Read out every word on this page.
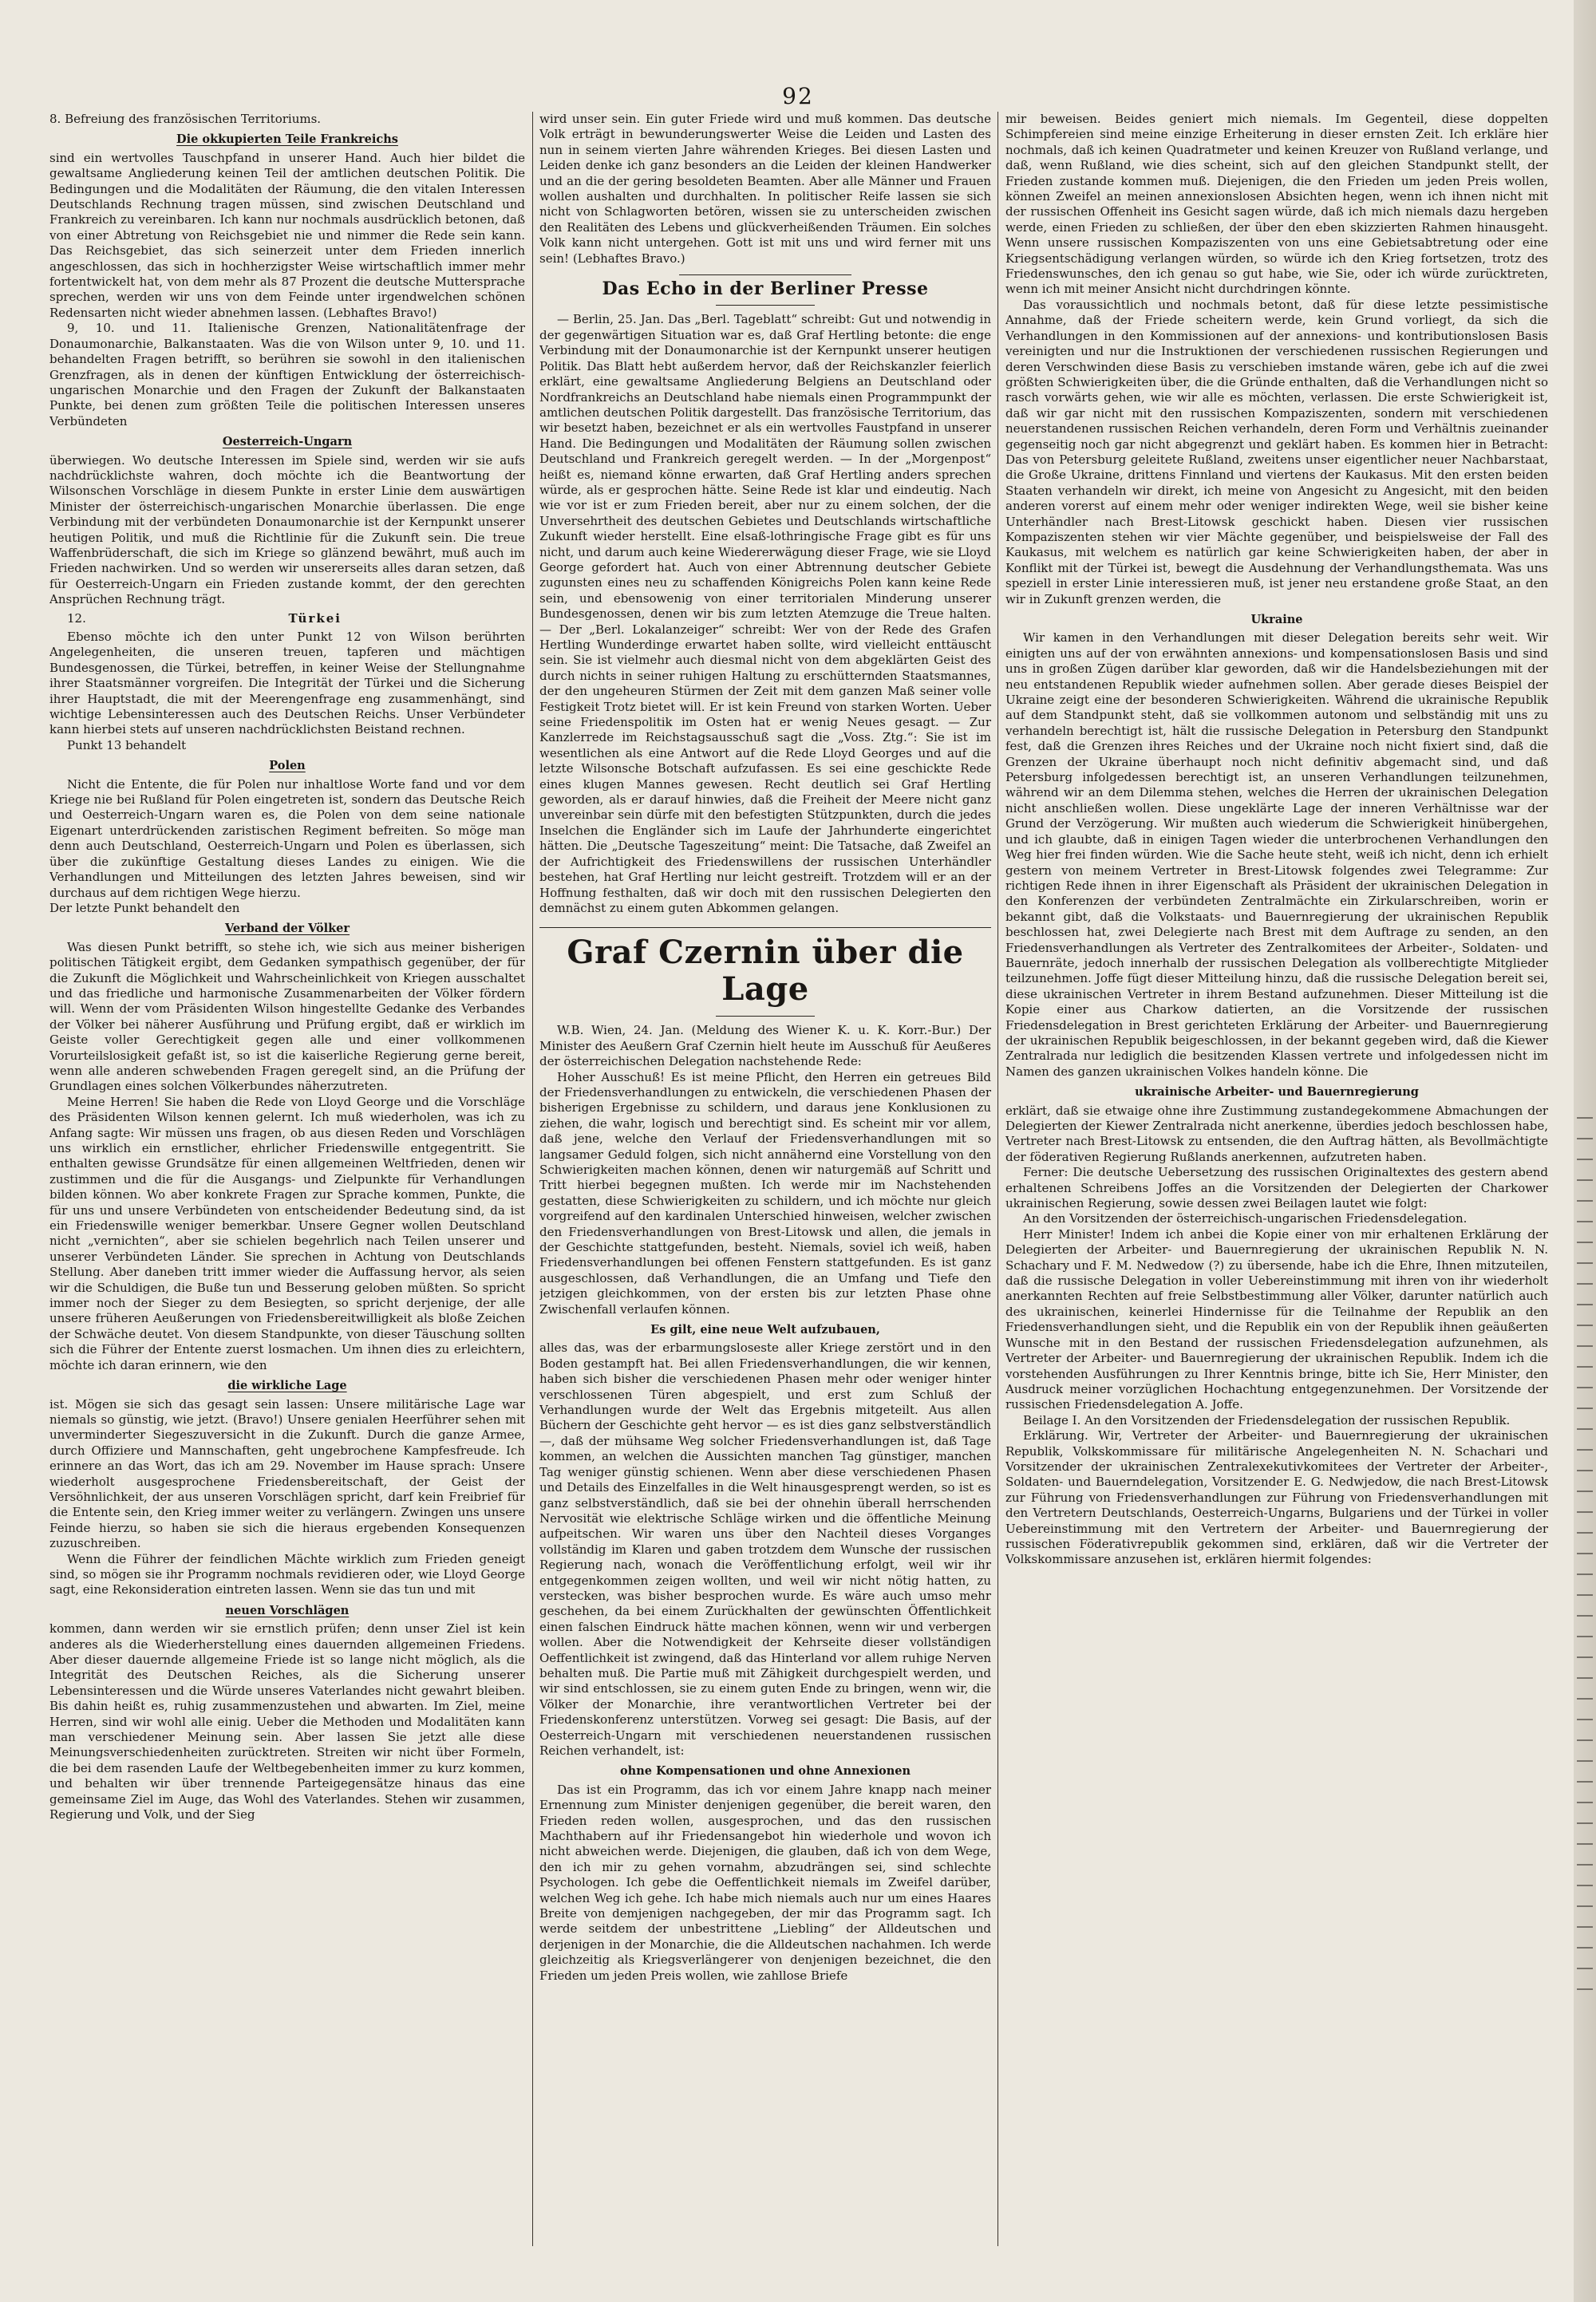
92

8. Befreiung des französischen Territoriums.

Die okkupierten Teile Frankreichs

sind ein wertvolles Tauschpfand in unserer Hand. Auch hier bildet die gewaltsame Angliederung keinen Teil der amtlichen deutschen Politik. Die Bedingungen und die Modalitäten der Räumung, die den vitalen Interessen Deutschlands Rechnung tragen müssen, sind zwischen Deutschland und Frankreich zu vereinbaren. Ich kann nur nochmals ausdrücklich betonen, daß von einer Abtretung von Reichsgebiet nie und nimmer die Rede sein kann. Das Reichsgebiet, das sich seinerzeit unter dem Frieden innerlich angeschlossen, das sich in hochherzigster Weise wirtschaftlich immer mehr fortentwickelt hat, von dem mehr als 87 Prozent die deutsche Muttersprache sprechen, werden wir uns von dem Feinde unter irgendwelchen schönen Redensarten nicht wieder abnehmen lassen. (Lebhaftes Bravo!)

9, 10. und 11. Italienische Grenzen, Nationalitätenfrage der Donaumonarchie, Balkanstaaten. Was die von Wilson unter 9, 10. und 11. behandelten Fragen betrifft, so berühren sie sowohl in den italienischen Grenzfragen, als in denen der künftigen Entwicklung der österreichisch-ungarischen Monarchie und den Fragen der Zukunft der Balkanstaaten Punkte, bei denen zum größten Teile die politischen Interessen unseres Verbündeten

Oesterreich-Ungarn

überwiegen. Wo deutsche Interessen im Spiele sind, werden wir sie aufs nachdrücklichste wahren, doch möchte ich die Beantwortung der Wilsonschen Vorschläge in diesem Punkte in erster Linie dem auswärtigen Minister der österreichisch-ungarischen Monarchie überlassen. Die enge Verbindung mit der verbündeten Donaumonarchie ist der Kernpunkt unserer heutigen Politik, und muß die Richtlinie für die Zukunft sein. Die treue Waffenbrüderschaft, die sich im Kriege so glänzend bewährt, muß auch im Frieden nachwirken. Und so werden wir unsererseits alles daran setzen, daß für Oesterreich-Ungarn ein Frieden zustande kommt, der den gerechten Ansprüchen Rechnung trägt.

12.	Türkei

Ebenso möchte ich den unter Punkt 12 von Wilson berührten Angelegenheiten, die unseren treuen, tapferen und mächtigen Bundesgenossen, die Türkei, betreffen, in keiner Weise der Stellungnahme ihrer Staatsmänner vorgreifen. Die Integrität der Türkei und die Sicherung ihrer Hauptstadt, die mit der Meerengenfrage eng zusammenhängt, sind wichtige Lebensinteressen auch des Deutschen Reichs. Unser Verbündeter kann hierbei stets auf unseren nachdrücklichsten Beistand rechnen.

Punkt 13 behandelt

Polen

Nicht die Entente, die für Polen nur inhaltlose Worte fand und vor dem Kriege nie bei Rußland für Polen eingetreten ist, sondern das Deutsche Reich und Oesterreich-Ungarn waren es, die Polen von dem seine nationale Eigenart unterdrückenden zaristischen Regiment befreiten. So möge man denn auch Deutschland, Oesterreich-Ungarn und Polen es überlassen, sich über die zukünftige Gestaltung dieses Landes zu einigen. Wie die Verhandlungen und Mitteilungen des letzten Jahres beweisen, sind wir durchaus auf dem richtigen Wege hierzu.

Der letzte Punkt behandelt den

Verband der Völker

Was diesen Punkt betrifft, so stehe ich, wie sich aus meiner bisherigen politischen Tätigkeit ergibt, dem Gedanken sympathisch gegenüber, der für die Zukunft die Möglichkeit und Wahrscheinlichkeit von Kriegen ausschaltet und das friedliche und harmonische Zusammenarbeiten der Völker fördern will. Wenn der vom Präsidenten Wilson hingestellte Gedanke des Verbandes der Völker bei näherer Ausführung und Prüfung ergibt, daß er wirklich im Geiste voller Gerechtigkeit gegen alle und einer vollkommenen Vorurteilslosigkeit gefaßt ist, so ist die kaiserliche Regierung gerne bereit, wenn alle anderen schwebenden Fragen geregelt sind, an die Prüfung der Grundlagen eines solchen Völkerbundes näherzutreten.

Meine Herren! Sie haben die Rede von Lloyd George und die Vorschläge des Präsidenten Wilson kennen gelernt. Ich muß wiederholen, was ich zu Anfang sagte: Wir müssen uns fragen, ob aus diesen Reden und Vorschlägen uns wirklich ein ernstlicher, ehrlicher Friedenswille entgegentritt. Sie enthalten gewisse Grundsätze für einen allgemeinen Weltfrieden, denen wir zustimmen und die für die Ausgangs- und Zielpunkte für Verhandlungen bilden können. Wo aber konkrete Fragen zur Sprache kommen, Punkte, die für uns und unsere Verbündeten von entscheidender Bedeutung sind, da ist ein Friedenswille weniger bemerkbar. Unsere Gegner wollen Deutschland nicht „vernichten“, aber sie schielen begehrlich nach Teilen unserer und unserer Verbündeten Länder. Sie sprechen in Achtung von Deutschlands Stellung. Aber daneben tritt immer wieder die Auffassung hervor, als seien wir die Schuldigen, die Buße tun und Besserung geloben müßten. So spricht immer noch der Sieger zu dem Besiegten, so spricht derjenige, der alle unsere früheren Aeußerungen von Friedensbereitwilligkeit als bloße Zeichen der Schwäche deutet. Von diesem Standpunkte, von dieser Täuschung sollten sich die Führer der Entente zuerst losmachen. Um ihnen dies zu erleichtern, möchte ich daran erinnern, wie den

die wirkliche Lage

ist. Mögen sie sich das gesagt sein lassen: Unsere militärische Lage war niemals so günstig, wie jetzt. (Bravo!) Unsere genialen Heerführer sehen mit unverminderter Siegeszuversicht in die Zukunft. Durch die ganze Armee, durch Offiziere und Mannschaften, geht ungebrochene Kampfesfreude. Ich erinnere an das Wort, das ich am 29. November im Hause sprach: Unsere wiederholt ausgesprochene Friedensbereitschaft, der Geist der Versöhnlichkeit, der aus unseren Vorschlägen spricht, darf kein Freibrief für die Entente sein, den Krieg immer weiter zu verlängern. Zwingen uns unsere Feinde hierzu, so haben sie sich die hieraus ergebenden Konsequenzen zuzuschreiben.

Wenn die Führer der feindlichen Mächte wirklich zum Frieden geneigt sind, so mögen sie ihr Programm nochmals revidieren oder, wie Lloyd George sagt, eine Rekonsideration eintreten lassen. Wenn sie das tun und mit

neuen Vorschlägen

kommen, dann werden wir sie ernstlich prüfen; denn unser Ziel ist kein anderes als die Wiederherstellung eines dauernden allgemeinen Friedens. Aber dieser dauernde allgemeine Friede ist so lange nicht möglich, als die Integrität des Deutschen Reiches, als die Sicherung unserer Lebensinteressen und die Würde unseres Vaterlandes nicht gewahrt bleiben. Bis dahin heißt es, ruhig zusammenzustehen und abwarten. Im Ziel, meine Herren, sind wir wohl alle einig. Ueber die Methoden und Modalitäten kann man verschiedener Meinung sein. Aber lassen Sie jetzt alle diese Meinungsverschiedenheiten zurücktreten. Streiten wir nicht über Formeln, die bei dem rasenden Laufe der Weltbegebenheiten immer zu kurz kommen, und behalten wir über trennende Parteigegensätze hinaus das eine gemeinsame Ziel im Auge, das Wohl des Vaterlandes. Stehen wir zusammen, Regierung und Volk, und der Sieg

wird unser sein. Ein guter Friede wird und muß kommen. Das deutsche Volk erträgt in bewunderungswerter Weise die Leiden und Lasten des nun in seinem vierten Jahre währenden Krieges. Bei diesen Lasten und Leiden denke ich ganz besonders an die Leiden der kleinen Handwerker und an die der gering besoldeten Beamten. Aber alle Männer und Frauen wollen aushalten und durchhalten. In politischer Reife lassen sie sich nicht von Schlagworten betören, wissen sie zu unterscheiden zwischen den Realitäten des Lebens und glückverheißenden Träumen. Ein solches Volk kann nicht untergehen. Gott ist mit uns und wird ferner mit uns sein! (Lebhaftes Bravo.)

Das Echo in der Berliner Presse

— Berlin, 25. Jan. Das „Berl. Tageblatt“ schreibt: Gut und notwendig in der gegenwärtigen Situation war es, daß Graf Hertling betonte: die enge Verbindung mit der Donaumonarchie ist der Kernpunkt unserer heutigen Politik. Das Blatt hebt außerdem hervor, daß der Reichskanzler feierlich erklärt, eine gewaltsame Angliederung Belgiens an Deutschland oder Nordfrankreichs an Deutschland habe niemals einen Programmpunkt der amtlichen deutschen Politik dargestellt. Das französische Territorium, das wir besetzt haben, bezeichnet er als ein wertvolles Faustpfand in unserer Hand. Die Bedingungen und Modalitäten der Räumung sollen zwischen Deutschland und Frankreich geregelt werden. — In der „Morgenpost“ heißt es, niemand könne erwarten, daß Graf Hertling anders sprechen würde, als er gesprochen hätte. Seine Rede ist klar und eindeutig. Nach wie vor ist er zum Frieden bereit, aber nur zu einem solchen, der die Unversehrtheit des deutschen Gebietes und Deutschlands wirtschaftliche Zukunft wieder herstellt. Eine elsaß-lothringische Frage gibt es für uns nicht, und darum auch keine Wiedererwägung dieser Frage, wie sie Lloyd George gefordert hat. Auch von einer Abtrennung deutscher Gebiete zugunsten eines neu zu schaffenden Königreichs Polen kann keine Rede sein, und ebensowenig von einer territorialen Minderung unserer Bundesgenossen, denen wir bis zum letzten Atemzuge die Treue halten. — Der „Berl. Lokalanzeiger“ schreibt: Wer von der Rede des Grafen Hertling Wunderdinge erwartet haben sollte, wird vielleicht enttäuscht sein. Sie ist vielmehr auch diesmal nicht von dem abgeklärten Geist des durch nichts in seiner ruhigen Haltung zu erschütternden Staatsmannes, der den ungeheuren Stürmen der Zeit mit dem ganzen Maß seiner volle Festigkeit Trotz bietet will. Er ist kein Freund von starken Worten. Ueber seine Friedenspolitik im Osten hat er wenig Neues gesagt. — Zur Kanzlerrede im Reichstagsausschuß sagt die „Voss. Ztg.“: Sie ist im wesentlichen als eine Antwort auf die Rede Lloyd Georges und auf die letzte Wilsonsche Botschaft aufzufassen. Es sei eine geschickte Rede eines klugen Mannes gewesen. Recht deutlich sei Graf Hertling geworden, als er darauf hinwies, daß die Freiheit der Meere nicht ganz unvereinbar sein dürfe mit den befestigten Stützpunkten, durch die jedes Inselchen die Engländer sich im Laufe der Jahrhunderte eingerichtet hätten. Die „Deutsche Tageszeitung“ meint: Die Tatsache, daß Zweifel an der Aufrichtigkeit des Friedenswillens der russischen Unterhändler bestehen, hat Graf Hertling nur leicht gestreift. Trotzdem will er an der Hoffnung festhalten, daß wir doch mit den russischen Delegierten den demnächst zu einem guten Abkommen gelangen.

Graf Czernin über die Lage

W.B. Wien, 24. Jan. (Meldung des Wiener K. u. K. Korr.-Bur.) Der Minister des Aeußern Graf Czernin hielt heute im Ausschuß für Aeußeres der österreichischen Delegation nachstehende Rede:

Hoher Ausschuß! Es ist meine Pflicht, den Herren ein getreues Bild der Friedensverhandlungen zu entwickeln, die verschiedenen Phasen der bisherigen Ergebnisse zu schildern, und daraus jene Konklusionen zu ziehen, die wahr, logisch und berechtigt sind. Es scheint mir vor allem, daß jene, welche den Verlauf der Friedensverhandlungen mit so langsamer Geduld folgen, sich nicht annähernd eine Vorstellung von den Schwierigkeiten machen können, denen wir naturgemäß auf Schritt und Tritt hierbei begegnen mußten. Ich werde mir im Nachstehenden gestatten, diese Schwierigkeiten zu schildern, und ich möchte nur gleich vorgreifend auf den kardinalen Unterschied hinweisen, welcher zwischen den Friedensverhandlungen von Brest-Litowsk und allen, die jemals in der Geschichte stattgefunden, besteht. Niemals, soviel ich weiß, haben Friedensverhandlungen bei offenen Fenstern stattgefunden. Es ist ganz ausgeschlossen, daß Verhandlungen, die an Umfang und Tiefe den jetzigen gleichkommen, von der ersten bis zur letzten Phase ohne Zwischenfall verlaufen können.

Es gilt, eine neue Welt aufzubauen,

alles das, was der erbarmungsloseste aller Kriege zerstört und in den Boden gestampft hat. Bei allen Friedensverhandlungen, die wir kennen, haben sich bisher die verschiedenen Phasen mehr oder weniger hinter verschlossenen Türen abgespielt, und erst zum Schluß der Verhandlungen wurde der Welt das Ergebnis mitgeteilt. Aus allen Büchern der Geschichte geht hervor — es ist dies ganz selbstverständlich —, daß der mühsame Weg solcher Friedensverhandlungen ist, daß Tage kommen, an welchen die Aussichten manchen Tag günstiger, manchen Tag weniger günstig schienen. Wenn aber diese verschiedenen Phasen und Details des Einzelfalles in die Welt hinausgesprengt werden, so ist es ganz selbstverständlich, daß sie bei der ohnehin überall herrschenden Nervosität wie elektrische Schläge wirken und die öffentliche Meinung aufpeitschen. Wir waren uns über den Nachteil dieses Vorganges vollständig im Klaren und gaben trotzdem dem Wunsche der russischen Regierung nach, wonach die Veröffentlichung erfolgt, weil wir ihr entgegenkommen zeigen wollten, und weil wir nicht nötig hatten, zu verstecken, was bisher besprochen wurde. Es wäre auch umso mehr geschehen, da bei einem Zurückhalten der gewünschten Öffentlichkeit einen falschen Eindruck hätte machen können, wenn wir und verbergen wollen. Aber die Notwendigkeit der Kehrseite dieser vollständigen Oeffentlichkeit ist zwingend, daß das Hinterland vor allem ruhige Nerven behalten muß. Die Partie muß mit Zähigkeit durchgespielt werden, und wir sind entschlossen, sie zu einem guten Ende zu bringen, wenn wir, die Völker der Monarchie, ihre verantwortlichen Vertreter bei der Friedenskonferenz unterstützen. Vorweg sei gesagt: Die Basis, auf der Oesterreich-Ungarn mit verschiedenen neuerstandenen russischen Reichen verhandelt, ist:

ohne Kompensationen und ohne Annexionen

Das ist ein Programm, das ich vor einem Jahre knapp nach meiner Ernennung zum Minister denjenigen gegenüber, die bereit waren, den Frieden reden wollen, ausgesprochen, und das den russischen Machthabern auf ihr Friedensangebot hin wiederhole und wovon ich nicht abweichen werde. Diejenigen, die glauben, daß ich von dem Wege, den ich mir zu gehen vornahm, abzudrängen sei, sind schlechte Psychologen. Ich gebe die Oeffentlichkeit niemals im Zweifel darüber, welchen Weg ich gehe. Ich habe mich niemals auch nur um eines Haares Breite von demjenigen nachgegeben, der mir das Programm sagt. Ich werde seitdem der unbestrittene „Liebling“ der Alldeutschen und derjenigen in der Monarchie, die die Alldeutschen nachahmen. Ich werde gleichzeitig als Kriegsverlängerer von denjenigen bezeichnet, die den Frieden um jeden Preis wollen, wie zahllose Briefe

mir beweisen. Beides geniert mich niemals. Im Gegenteil, diese doppelten Schimpfereien sind meine einzige Erheiterung in dieser ernsten Zeit. Ich erkläre hier nochmals, daß ich keinen Quadratmeter und keinen Kreuzer von Rußland verlange, und daß, wenn Rußland, wie dies scheint, sich auf den gleichen Standpunkt stellt, der Frieden zustande kommen muß. Diejenigen, die den Frieden um jeden Preis wollen, können Zweifel an meinen annexionslosen Absichten hegen, wenn ich ihnen nicht mit der russischen Offenheit ins Gesicht sagen würde, daß ich mich niemals dazu hergeben werde, einen Frieden zu schließen, der über den eben skizzierten Rahmen hinausgeht. Wenn unsere russischen Kompaziszenten von uns eine Gebietsabtretung oder eine Kriegsentschädigung verlangen würden, so würde ich den Krieg fortsetzen, trotz des Friedenswunsches, den ich genau so gut habe, wie Sie, oder ich würde zurücktreten, wenn ich mit meiner Ansicht nicht durchdringen könnte.

Das voraussichtlich und nochmals betont, daß für diese letzte pessimistische Annahme, daß der Friede scheitern werde, kein Grund vorliegt, da sich die Verhandlungen in den Kommissionen auf der annexions- und kontributionslosen Basis vereinigten und nur die Instruktionen der verschiedenen russischen Regierungen und deren Verschwinden diese Basis zu verschieben imstande wären, gebe ich auf die zwei größten Schwierigkeiten über, die die Gründe enthalten, daß die Verhandlungen nicht so rasch vorwärts gehen, wie wir alle es möchten, verlassen. Die erste Schwierigkeit ist, daß wir gar nicht mit den russischen Kompaziszenten, sondern mit verschiedenen neuerstandenen russischen Reichen verhandeln, deren Form und Verhältnis zueinander gegenseitig noch gar nicht abgegrenzt und geklärt haben. Es kommen hier in Betracht: Das von Petersburg geleitete Rußland, zweitens unser eigentlicher neuer Nachbarstaat, die Große Ukraine, drittens Finnland und viertens der Kaukasus. Mit den ersten beiden Staaten verhandeln wir direkt, ich meine von Angesicht zu Angesicht, mit den beiden anderen vorerst auf einem mehr oder weniger indirekten Wege, weil sie bisher keine Unterhändler nach Brest-Litowsk geschickt haben. Diesen vier russischen Kompaziszenten stehen wir vier Mächte gegenüber, und beispielsweise der Fall des Kaukasus, mit welchem es natürlich gar keine Schwierigkeiten haben, der aber in Konflikt mit der Türkei ist, bewegt die Ausdehnung der Verhandlungsthemata. Was uns speziell in erster Linie interessieren muß, ist jener neu erstandene große Staat, an den wir in Zukunft grenzen werden, die

Ukraine

Wir kamen in den Verhandlungen mit dieser Delegation bereits sehr weit. Wir einigten uns auf der von erwähnten annexions- und kompensationslosen Basis und sind uns in großen Zügen darüber klar geworden, daß wir die Handelsbeziehungen mit der neu entstandenen Republik wieder aufnehmen sollen. Aber gerade dieses Beispiel der Ukraine zeigt eine der besonderen Schwierigkeiten. Während die ukrainische Republik auf dem Standpunkt steht, daß sie vollkommen autonom und selbständig mit uns zu verhandeln berechtigt ist, hält die russische Delegation in Petersburg den Standpunkt fest, daß die Grenzen ihres Reiches und der Ukraine noch nicht fixiert sind, daß die Grenzen der Ukraine überhaupt noch nicht definitiv abgemacht sind, und daß Petersburg infolgedessen berechtigt ist, an unseren Verhandlungen teilzunehmen, während wir an dem Dilemma stehen, welches die Herren der ukrainischen Delegation nicht anschließen wollen. Diese ungeklärte Lage der inneren Verhältnisse war der Grund der Verzögerung. Wir mußten auch wiederum die Schwierigkeit hinübergehen, und ich glaubte, daß in einigen Tagen wieder die unterbrochenen Verhandlungen den Weg hier frei finden würden. Wie die Sache heute steht, weiß ich nicht, denn ich erhielt gestern von meinem Vertreter in Brest-Litowsk folgendes zwei Telegramme: Zur richtigen Rede ihnen in ihrer Eigenschaft als Präsident der ukrainischen Delegation in den Konferenzen der verbündeten Zentralmächte ein Zirkularschreiben, worin er bekannt gibt, daß die Volkstaats- und Bauernregierung der ukrainischen Republik beschlossen hat, zwei Delegierte nach Brest mit dem Auftrage zu senden, an den Friedensverhandlungen als Vertreter des Zentralkomitees der Arbeiter-, Soldaten- und Bauernräte, jedoch innerhalb der russischen Delegation als vollberechtigte Mitglieder teilzunehmen. Joffe fügt dieser Mitteilung hinzu, daß die russische Delegation bereit sei, diese ukrainischen Vertreter in ihrem Bestand aufzunehmen. Dieser Mitteilung ist die Kopie einer aus Charkow datierten, an die Vorsitzende der russischen Friedensdelegation in Brest gerichteten Erklärung der Arbeiter- und Bauernregierung der ukrainischen Republik beigeschlossen, in der bekannt gegeben wird, daß die Kiewer Zentralrada nur lediglich die besitzenden Klassen vertrete und infolgedessen nicht im Namen des ganzen ukrainischen Volkes handeln könne. Die

ukrainische Arbeiter- und Bauernregierung

erklärt, daß sie etwaige ohne ihre Zustimmung zustandegekommene Abmachungen der Delegierten der Kiewer Zentralrada nicht anerkenne, überdies jedoch beschlossen habe, Vertreter nach Brest-Litowsk zu entsenden, die den Auftrag hätten, als Bevollmächtigte der föderativen Regierung Rußlands anerkennen, aufzutreten haben.

Ferner: Die deutsche Uebersetzung des russischen Originaltextes des gestern abend erhaltenen Schreibens Joffes an die Vorsitzenden der Delegierten der Charkower ukrainischen Regierung, sowie dessen zwei Beilagen lautet wie folgt:

An den Vorsitzenden der österreichisch-ungarischen Friedensdelegation.

Herr Minister! Indem ich anbei die Kopie einer von mir erhaltenen Erklärung der Delegierten der Arbeiter- und Bauernregierung der ukrainischen Republik N. N. Schachary und F. M. Nedwedow (?) zu übersende, habe ich die Ehre, Ihnen mitzuteilen, daß die russische Delegation in voller Uebereinstimmung mit ihren von ihr wiederholt anerkannten Rechten auf freie Selbstbestimmung aller Völker, darunter natürlich auch des ukrainischen, keinerlei Hindernisse für die Teilnahme der Republik an den Friedensverhandlungen sieht, und die Republik ein von der Republik ihnen geäußerten Wunsche mit in den Bestand der russischen Friedensdelegation aufzunehmen, als Vertreter der Arbeiter- und Bauernregierung der ukrainischen Republik. Indem ich die vorstehenden Ausführungen zu Ihrer Kenntnis bringe, bitte ich Sie, Herr Minister, den Ausdruck meiner vorzüglichen Hochachtung entgegenzunehmen. Der Vorsitzende der russischen Friedensdelegation A. Joffe.

Beilage I. An den Vorsitzenden der Friedensdelegation der russischen Republik.

Erklärung. Wir, Vertreter der Arbeiter- und Bauernregierung der ukrainischen Republik, Volkskommissare für militärische Angelegenheiten N. N. Schachari und Vorsitzender der ukrainischen Zentralexekutivkomitees der Vertreter der Arbeiter-, Soldaten- und Bauerndelegation, Vorsitzender E. G. Nedwjedow, die nach Brest-Litowsk zur Führung von Friedensverhandlungen zur Führung von Friedensverhandlungen mit den Vertretern Deutschlands, Oesterreich-Ungarns, Bulgariens und der Türkei in voller Uebereinstimmung mit den Vertretern der Arbeiter- und Bauernregierung der russischen Föderativrepublik gekommen sind, erklären, daß wir die Vertreter der Volkskommissare anzusehen ist, erklären hiermit folgendes:
